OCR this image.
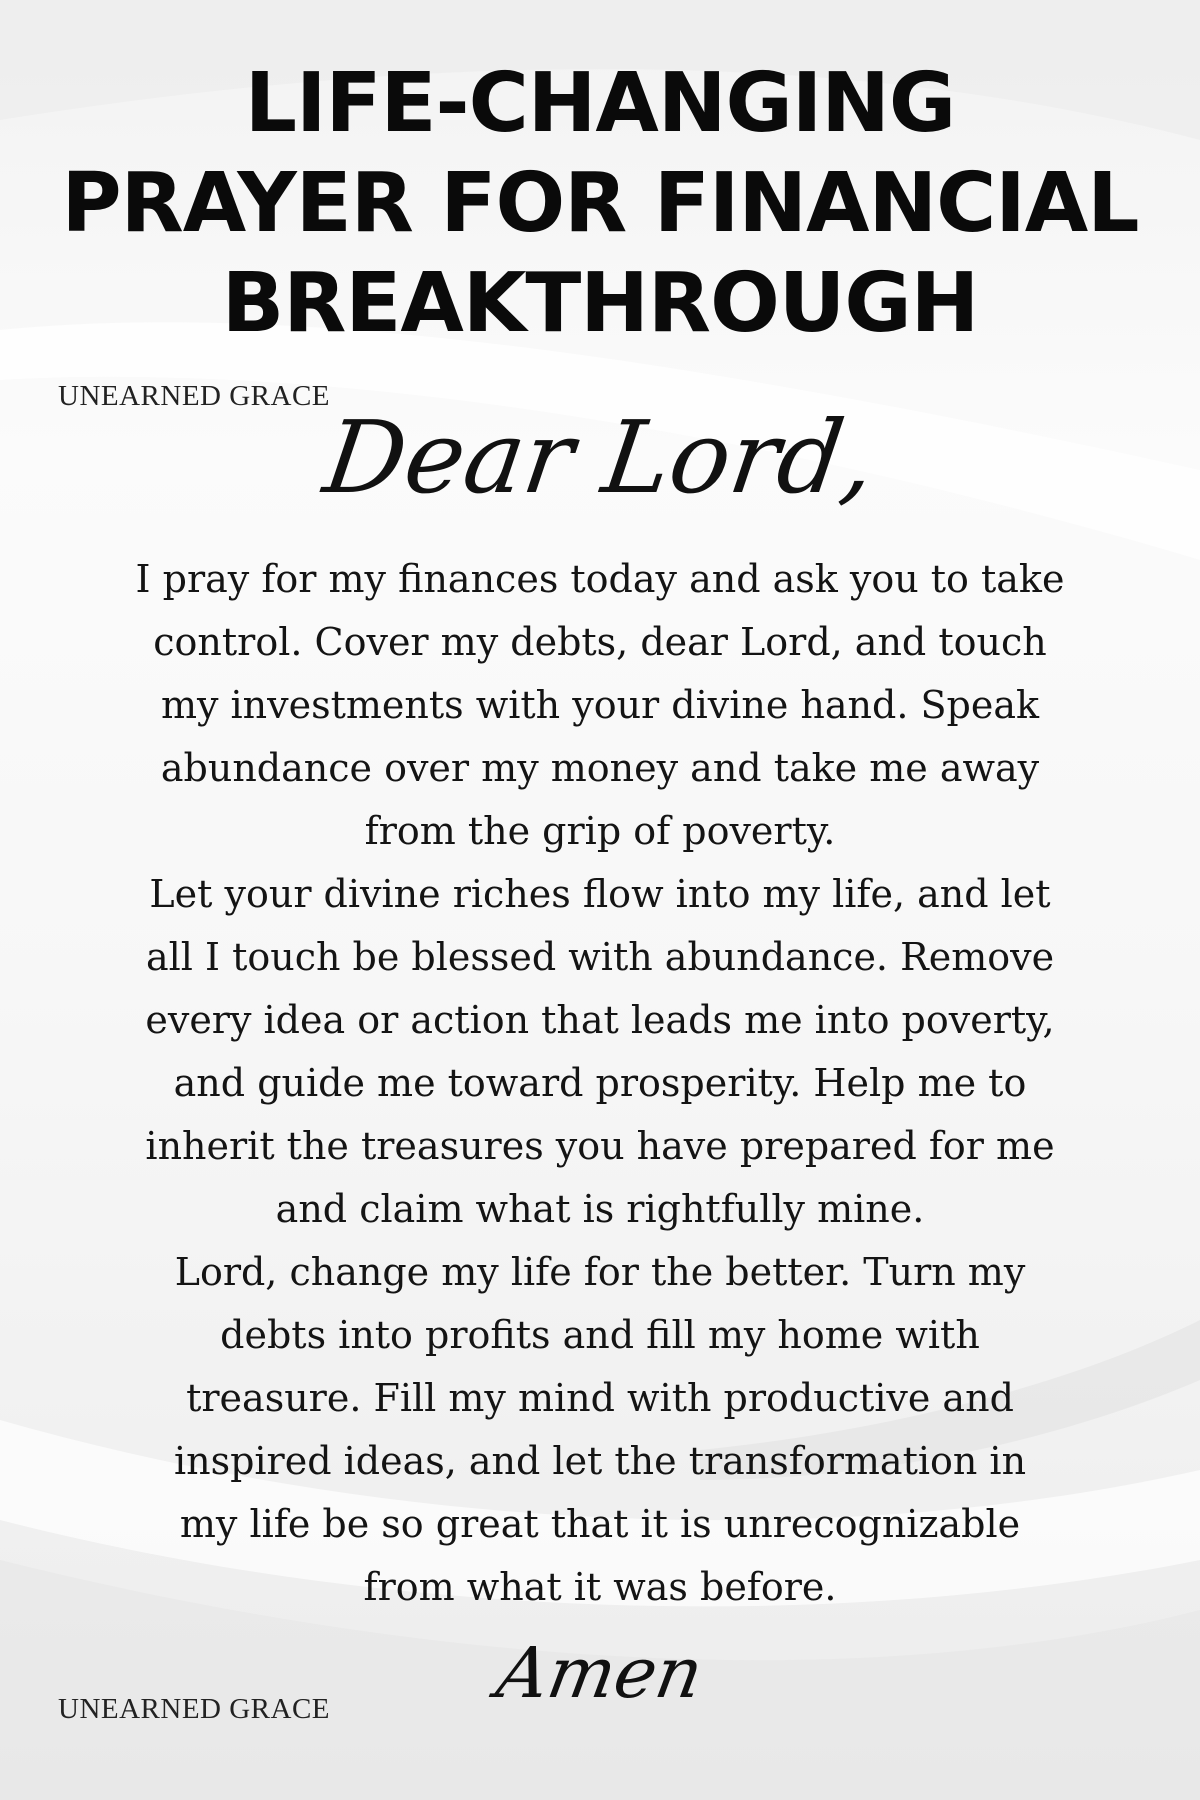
LIFE-CHANGING
PRAYER FOR FINANCIAL
BREAKTHROUGH
UNEARNED GRACE
Dear Lord,
I pray for my finances today and ask you to take
control. Cover my debts, dear Lord, and touch
my investments with your divine hand. Speak
abundance over my money and take me away
from the grip of poverty.
Let your divine riches flow into my life, and let
all I touch be blessed with abundance. Remove
every idea or action that leads me into poverty,
and guide me toward prosperity. Help me to
inherit the treasures you have prepared for me
and claim what is rightfully mine.
Lord, change my life for the better. Turn my
debts into profits and fill my home with
treasure. Fill my mind with productive and
inspired ideas, and let the transformation in
my life be so great that it is unrecognizable
from what it was before.
UNEARNED GRACE	Amen
